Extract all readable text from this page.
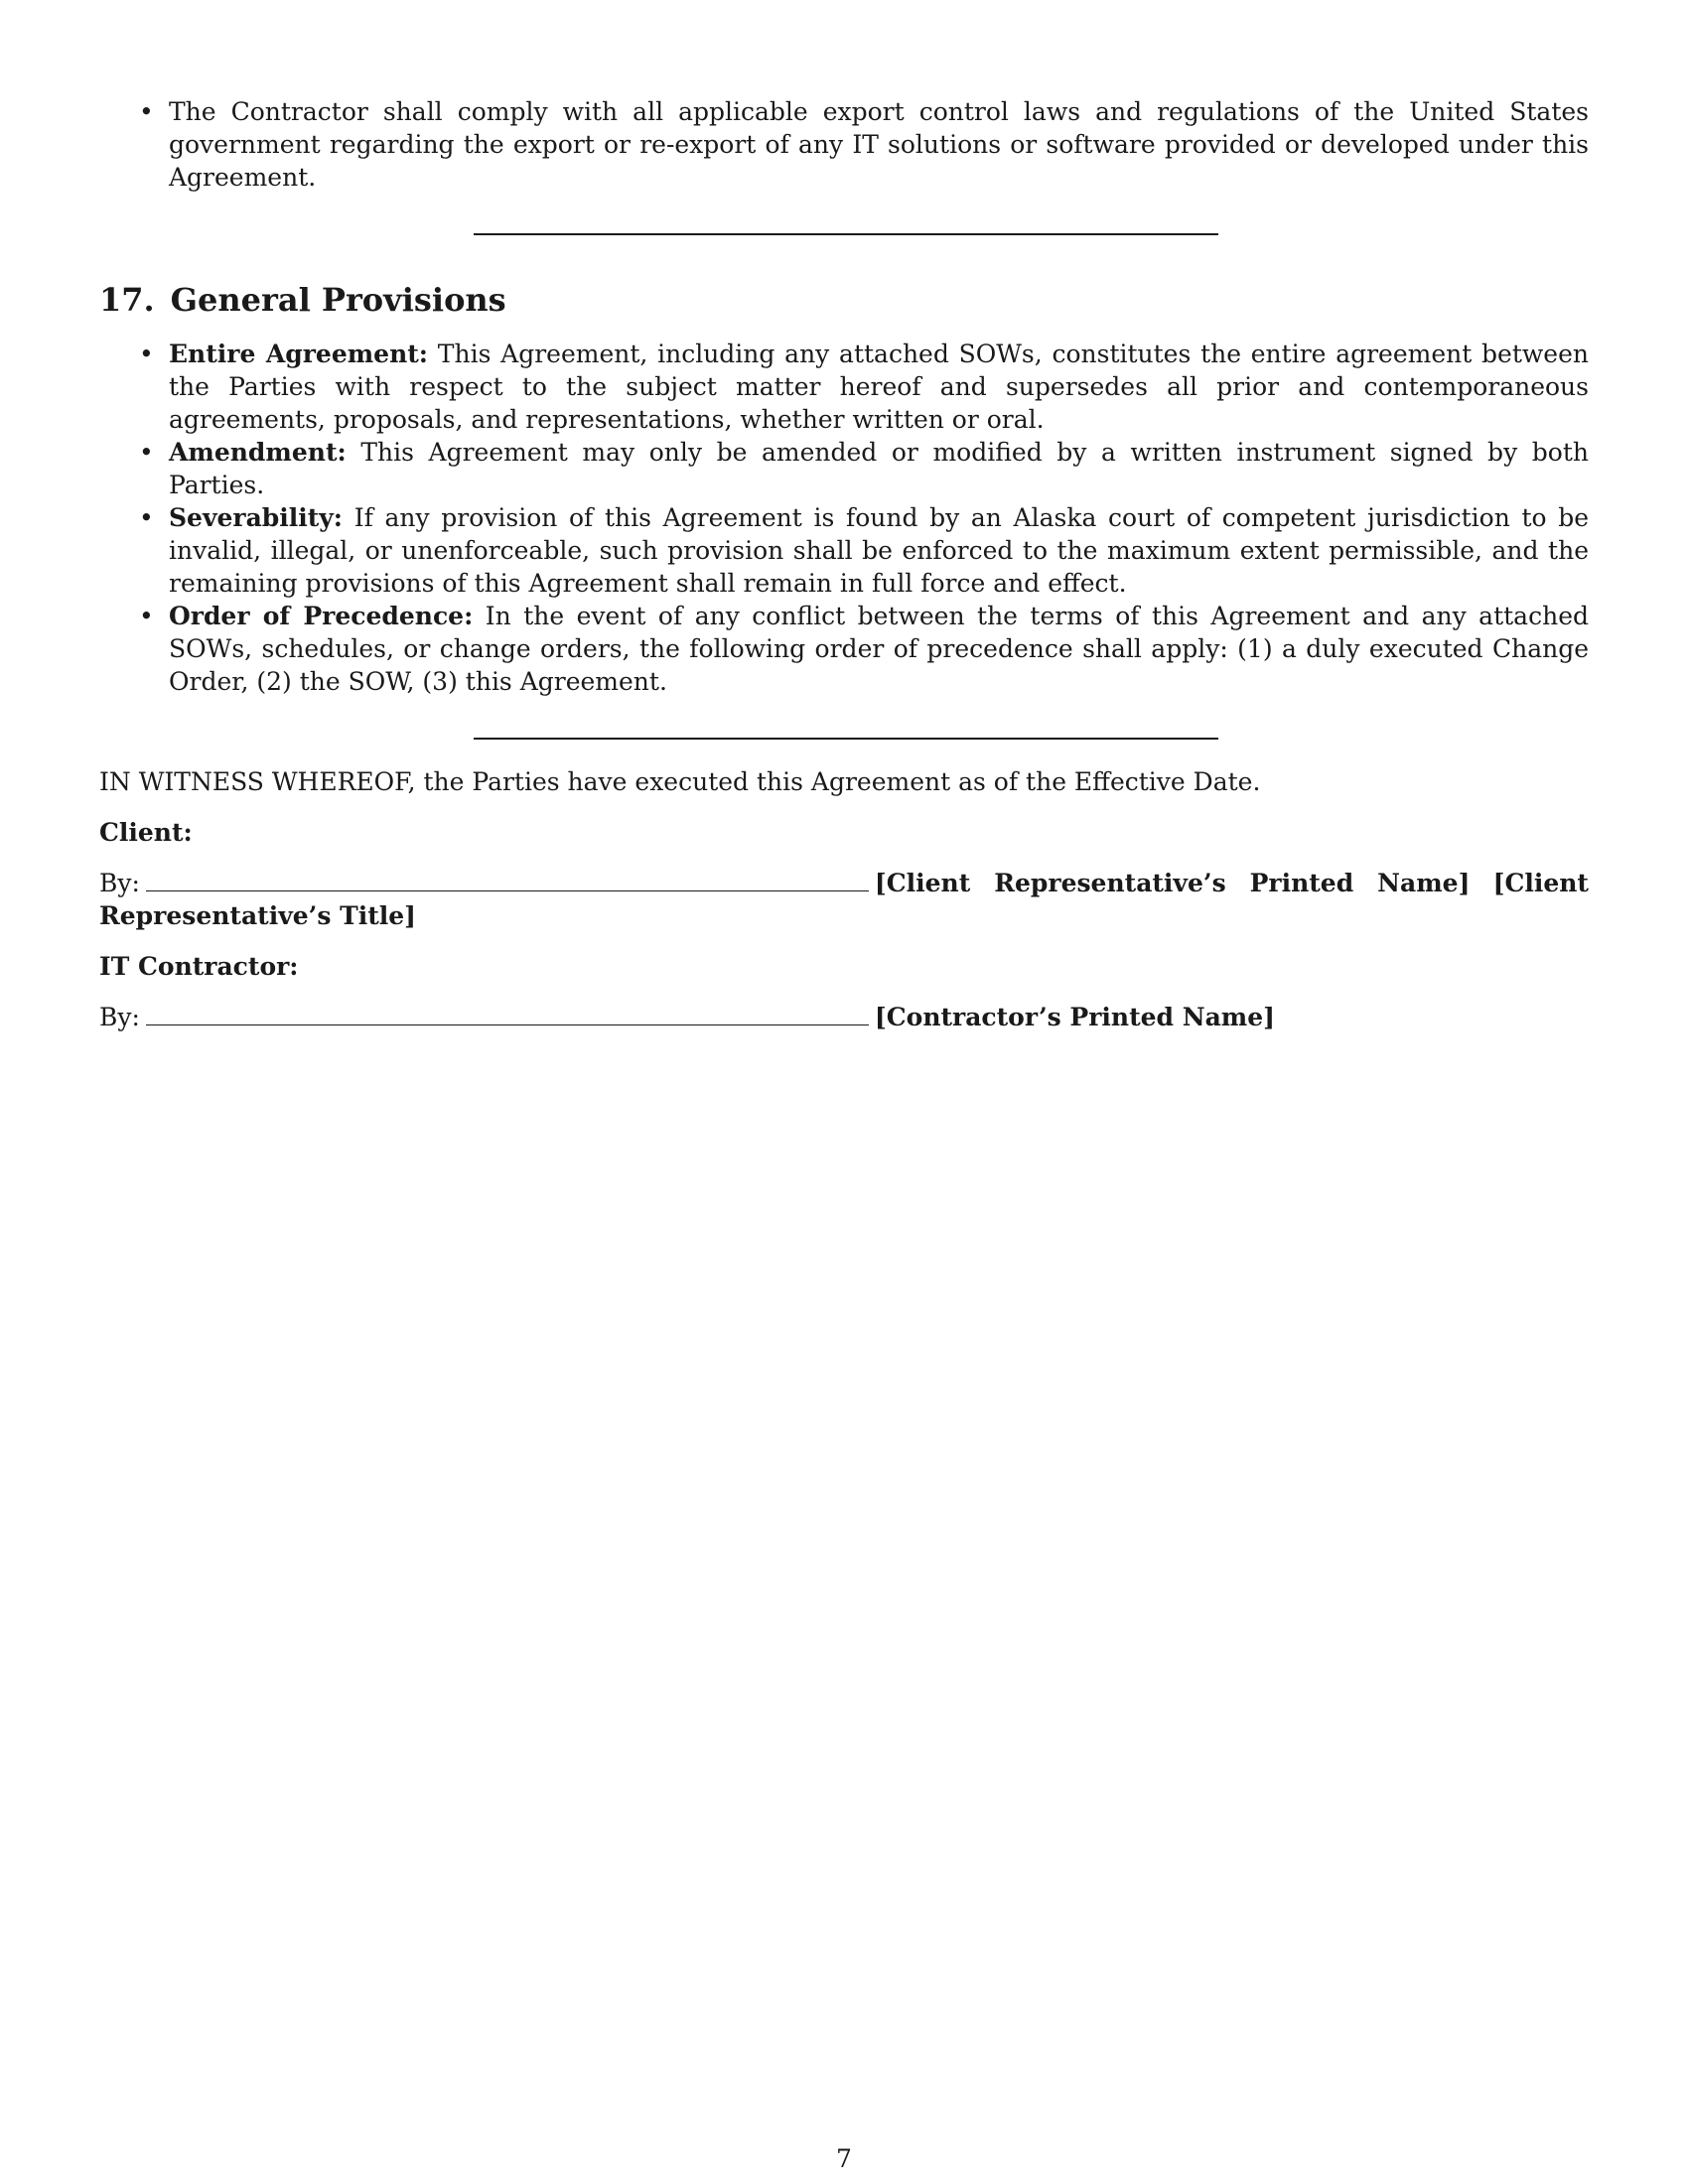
• The Contractor shall comply with all applicable export control laws and regulations of the United States government regarding the export or re-export of any IT solutions or software provided or developed under this Agreement.
17. General Provisions
• Entire Agreement: This Agreement, including any attached SOWs, constitutes the entire agreement between the Parties with respect to the subject matter hereof and supersedes all prior and contemporaneous agreements, proposals, and representations, whether written or oral.
• Amendment: This Agreement may only be amended or modified by a written instrument signed by both Parties.
• Severability: If any provision of this Agreement is found by an Alaska court of competent jurisdiction to be invalid, illegal, or unenforceable, such provision shall be enforced to the maximum extent permissible, and the remaining provisions of this Agreement shall remain in full force and effect.
• Order of Precedence: In the event of any conflict between the terms of this Agreement and any attached SOWs, schedules, or change orders, the following order of precedence shall apply: (1) a duly executed Change Order, (2) the SOW, (3) this Agreement.
IN WITNESS WHEREOF, the Parties have executed this Agreement as of the Effective Date.
Client:
By:	[Client Representative’s Printed Name] [Client Representative’s Title]
IT Contractor:
By:	[Contractor’s Printed Name]
7
